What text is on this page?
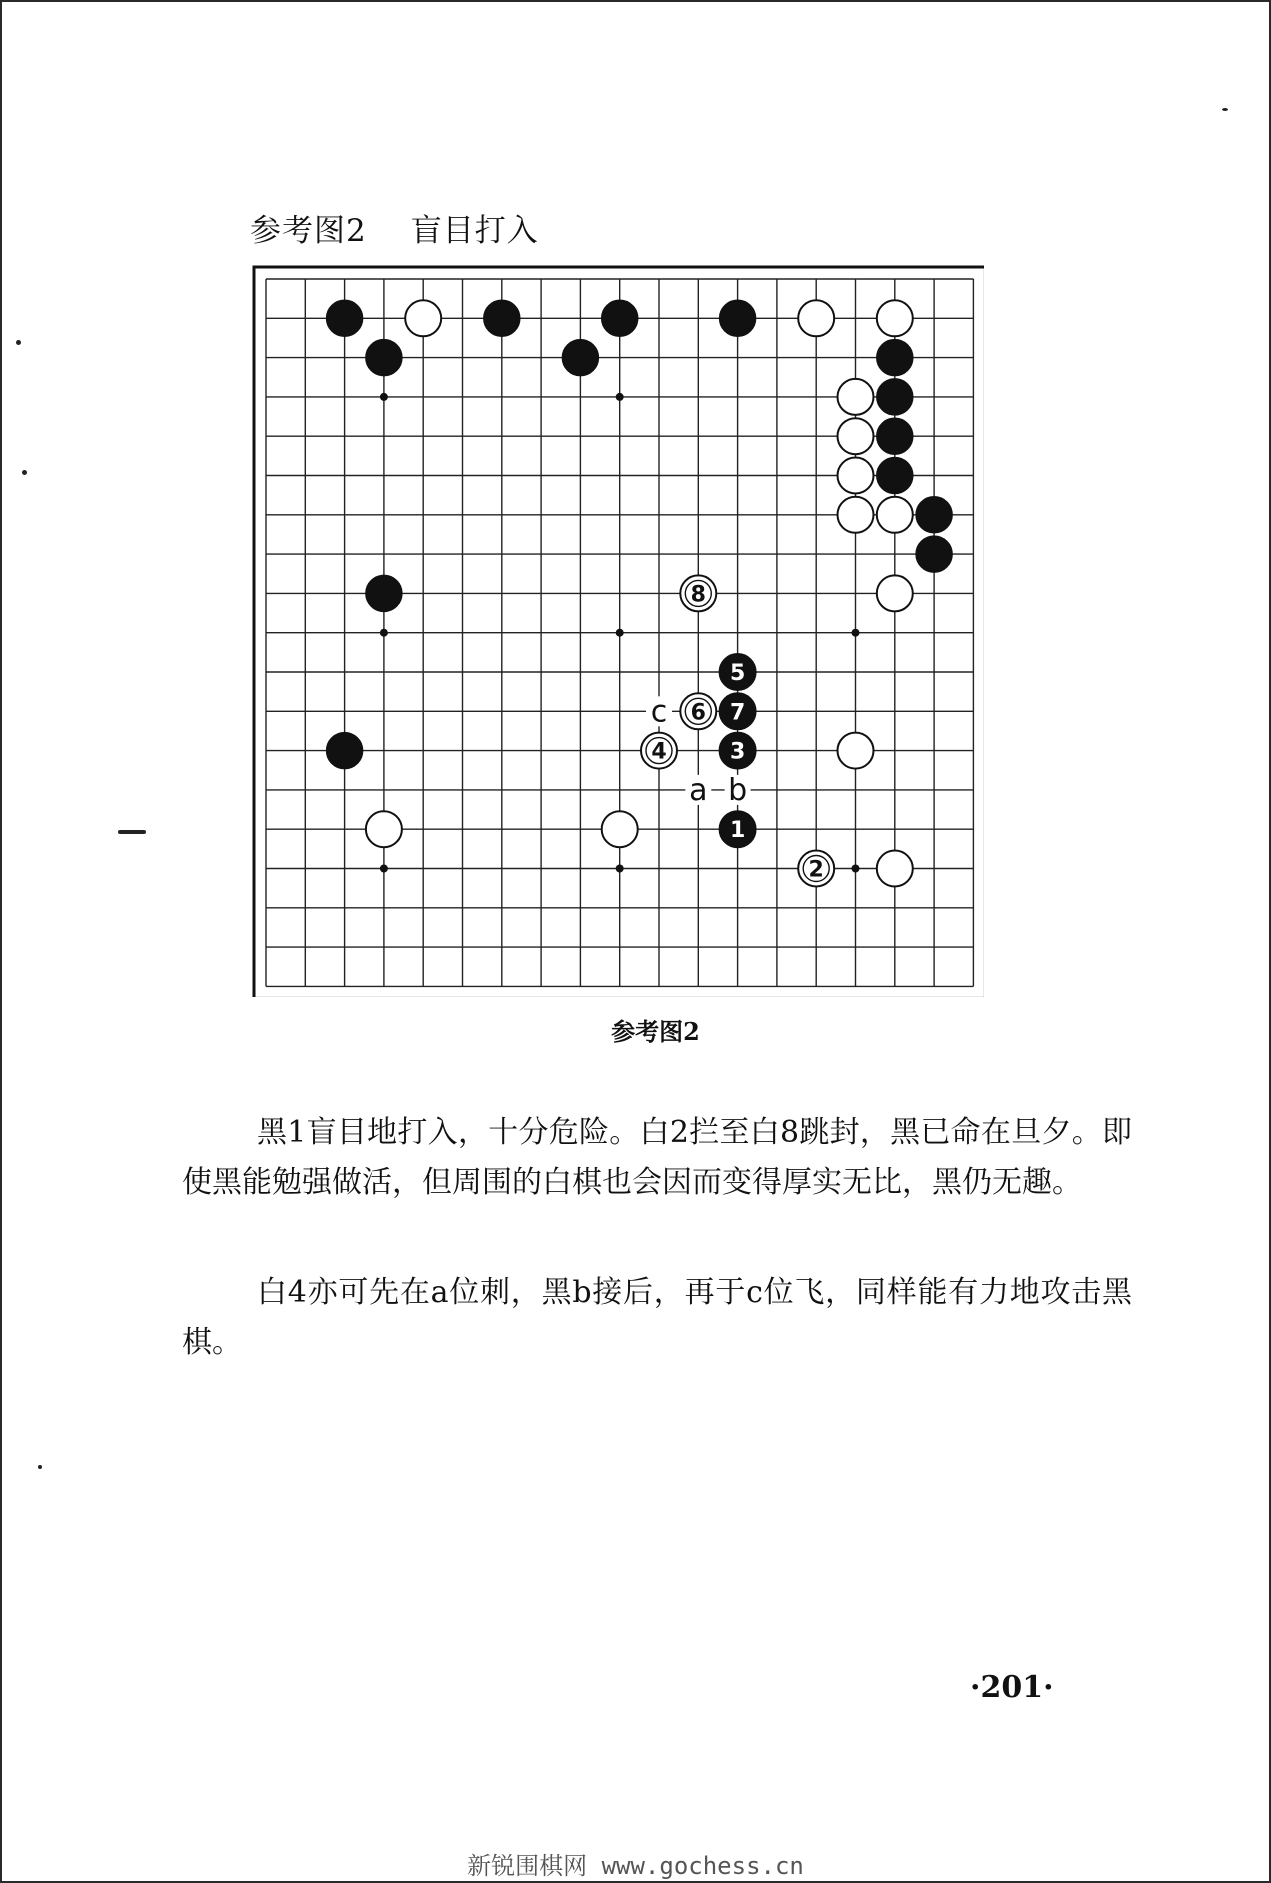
参考图2 盲目打入
1
2
3
4
5
6 7
8
a b
c
参考图2

黑1盲目地打入，十分危险。白2拦至白8跳封，黑已命在旦夕。即使黑能勉强做活，但周围的白棋也会因而变得厚实无比，黑仍无趣。

白4亦可先在a位刺，黑b接后，再于c位飞，同样能有力地攻击黑棋。

·201·
新锐围棋网 www.gochess.cn
